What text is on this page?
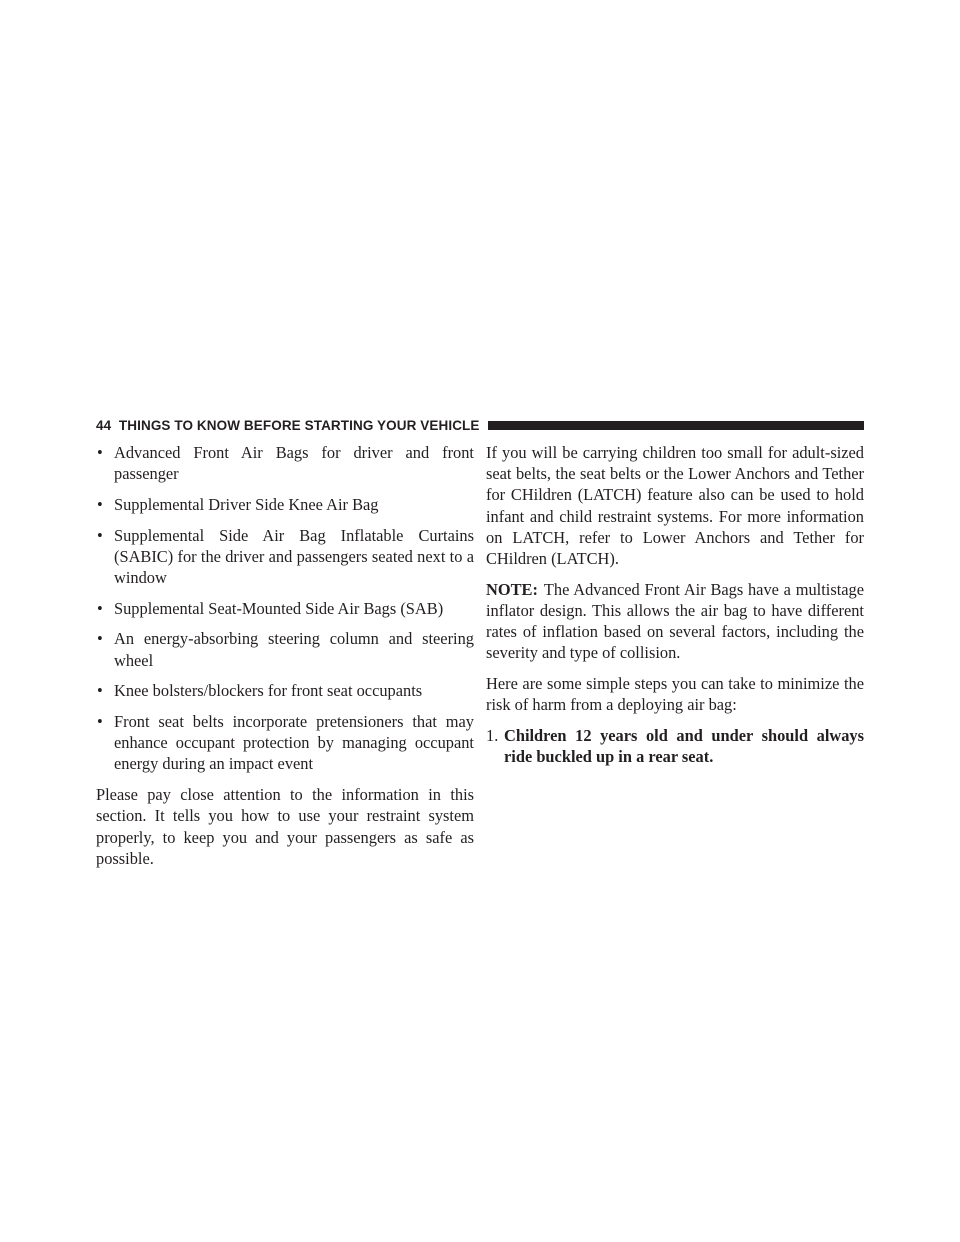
44 THINGS TO KNOW BEFORE STARTING YOUR VEHICLE
• Advanced Front Air Bags for driver and front passenger
• Supplemental Driver Side Knee Air Bag
• Supplemental Side Air Bag Inflatable Curtains (SABIC) for the driver and passengers seated next to a window
• Supplemental Seat-Mounted Side Air Bags (SAB)
• An energy-absorbing steering column and steering wheel
• Knee bolsters/blockers for front seat occupants
• Front seat belts incorporate pretensioners that may enhance occupant protection by managing occupant energy during an impact event

Please pay close attention to the information in this section. It tells you how to use your restraint system properly, to keep you and your passengers as safe as possible.

If you will be carrying children too small for adult-sized seat belts, the seat belts or the Lower Anchors and Tether for CHildren (LATCH) feature also can be used to hold infant and child restraint systems. For more information on LATCH, refer to Lower Anchors and Tether for CHildren (LATCH).

NOTE: The Advanced Front Air Bags have a multistage inflator design. This allows the air bag to have different rates of inflation based on several factors, including the severity and type of collision.

Here are some simple steps you can take to minimize the risk of harm from a deploying air bag:

1. Children 12 years old and under should always ride buckled up in a rear seat.
